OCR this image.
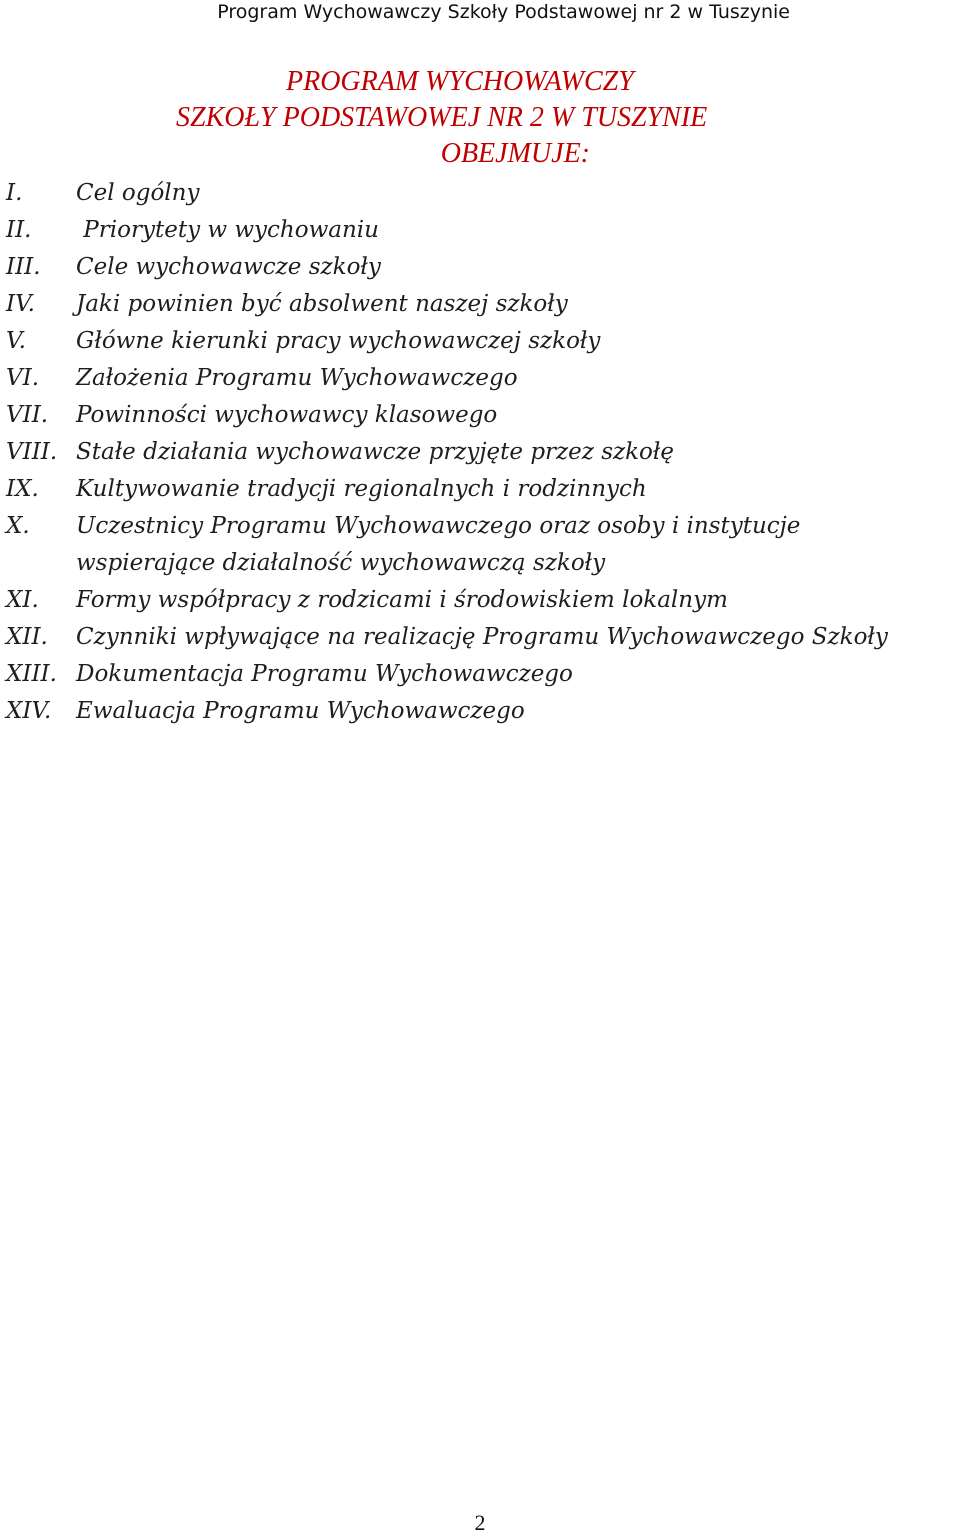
Program Wychowawczy Szkoły Podstawowej nr 2 w Tuszynie
PROGRAM WYCHOWAWCZY
SZKOŁY PODSTAWOWEJ NR 2 W TUSZYNIE
OBEJMUJE:
I.	Cel ogólny
II.	Priorytety w wychowaniu
III.	Cele wychowawcze szkoły
IV.	Jaki powinien być absolwent naszej szkoły
V.	Główne kierunki pracy wychowawczej szkoły
VI.	Założenia Programu Wychowawczego
VII.	Powinności wychowawcy klasowego
VIII. Stałe działania wychowawcze przyjęte przez szkołę
IX.	Kultywowanie tradycji regionalnych i rodzinnych
X.	Uczestnicy Programu Wychowawczego oraz osoby i instytucje wspierające działalność wychowawczą szkoły
XI.	Formy współpracy z rodzicami i środowiskiem lokalnym
XII.	Czynniki wpływające na realizację Programu Wychowawczego Szkoły
XIII. Dokumentacja Programu Wychowawczego
XIV.	Ewaluacja Programu Wychowawczego
2
